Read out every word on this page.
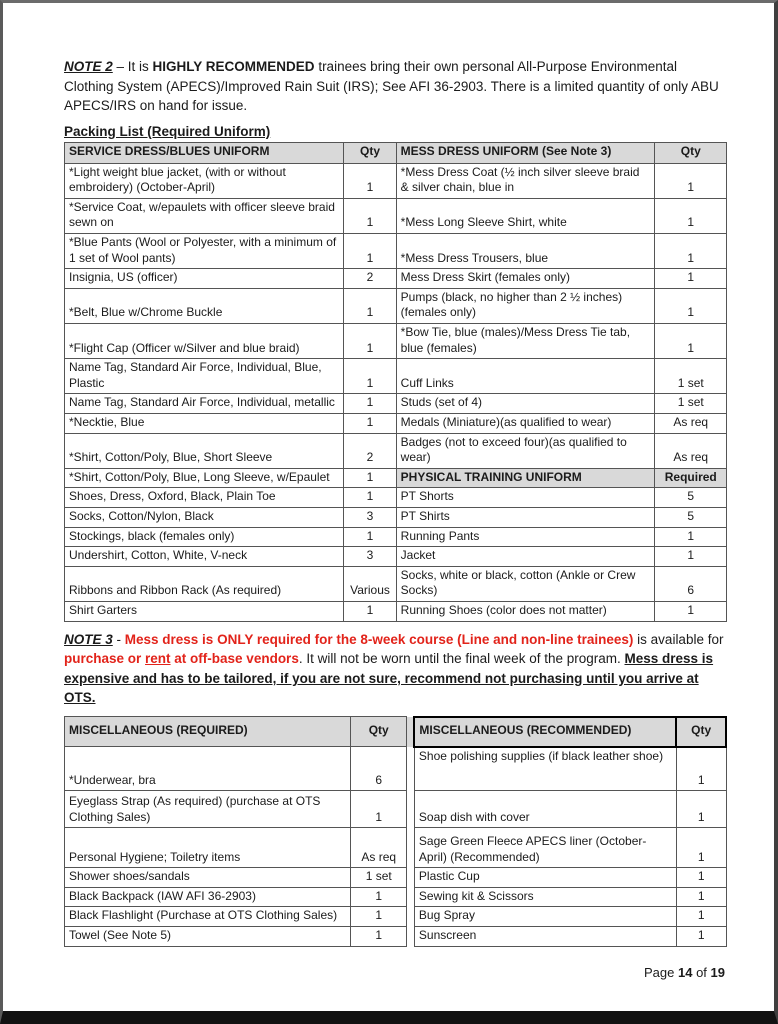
NOTE 2 – It is HIGHLY RECOMMENDED trainees bring their own personal All-Purpose Environmental Clothing System (APECS)/Improved Rain Suit (IRS); See AFI 36-2903. There is a limited quantity of only ABU APECS/IRS on hand for issue.

Packing List (Required Uniform)

SERVICE DRESS/BLUES UNIFORM	Qty	MESS DRESS UNIFORM (See Note 3)	Qty
*Light weight blue jacket, (with or without embroidery) (October-April)	1	*Mess Dress Coat (½ inch silver sleeve braid & silver chain, blue in	1
*Service Coat, w/epaulets with officer sleeve braid sewn on	1	*Mess Long Sleeve Shirt, white	1
*Blue Pants (Wool or Polyester, with a minimum of 1 set of Wool pants)	1	*Mess Dress Trousers, blue	1
Insignia, US (officer)	2	Mess Dress Skirt (females only)	1
*Belt, Blue w/Chrome Buckle	1	Pumps (black, no higher than 2 ½ inches) (females only)	1
*Flight Cap (Officer w/Silver and blue braid)	1	*Bow Tie, blue (males)/Mess Dress Tie tab, blue (females)	1
Name Tag, Standard Air Force, Individual, Blue, Plastic	1	Cuff Links	1 set
Name Tag, Standard Air Force, Individual, metallic	1	Studs (set of 4)	1 set
*Necktie, Blue	1	Medals (Miniature)(as qualified to wear)	As req
*Shirt, Cotton/Poly, Blue, Short Sleeve	2	Badges (not to exceed four)(as qualified to wear)	As req
*Shirt, Cotton/Poly, Blue, Long Sleeve, w/Epaulet	1	PHYSICAL TRAINING UNIFORM	Required
Shoes, Dress, Oxford, Black, Plain Toe	1	PT Shorts	5
Socks, Cotton/Nylon, Black	3	PT Shirts	5
Stockings, black (females only)	1	Running Pants	1
Undershirt, Cotton, White, V-neck	3	Jacket	1
Ribbons and Ribbon Rack (As required)	Various	Socks, white or black, cotton (Ankle or Crew Socks)	6
Shirt Garters	1	Running Shoes (color does not matter)	1

NOTE 3 - Mess dress is ONLY required for the 8-week course (Line and non-line trainees) is available for purchase or rent at off-base vendors. It will not be worn until the final week of the program. Mess dress is expensive and has to be tailored, if you are not sure, recommend not purchasing until you arrive at OTS.

MISCELLANEOUS (REQUIRED)	Qty		MISCELLANEOUS (RECOMMENDED)	Qty
*Underwear, bra	6		Shoe polishing supplies (if black leather shoe)	1
Eyeglass Strap (As required) (purchase at OTS Clothing Sales)	1		Soap dish with cover	1
Personal Hygiene; Toiletry items	As req		Sage Green Fleece APECS liner (October-April) (Recommended)	1
Shower shoes/sandals	1 set		Plastic Cup	1
Black Backpack (IAW AFI 36-2903)	1		Sewing kit & Scissors	1
Black Flashlight (Purchase at OTS Clothing Sales)	1		Bug Spray	1
Towel (See Note 5)	1		Sunscreen	1

Page 14 of 19
